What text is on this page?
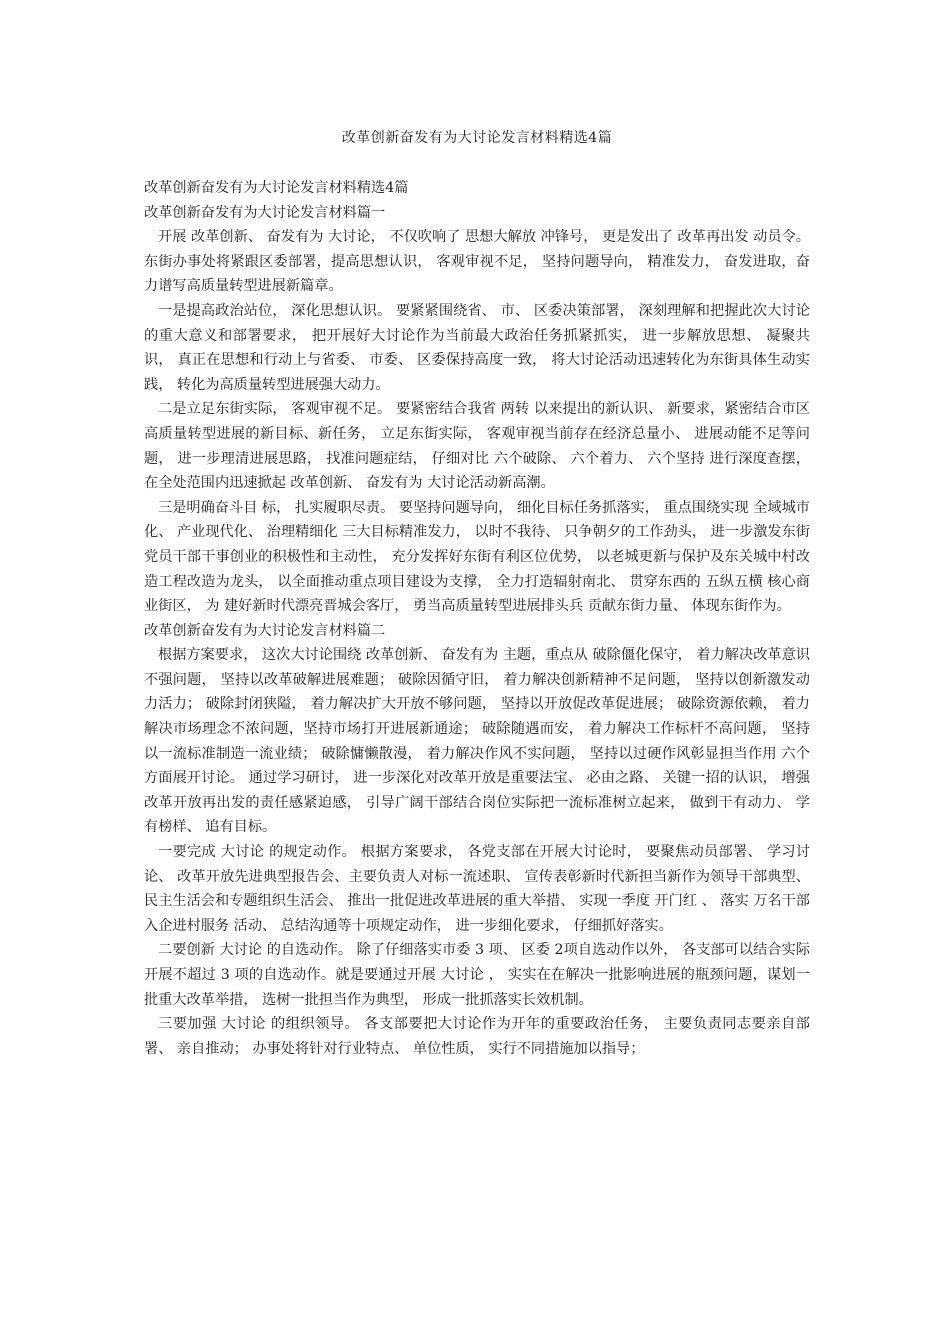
改革创新奋发有为大讨论发言材料精选4篇

改革创新奋发有为大讨论发言材料精选4篇

改革创新奋发有为大讨论发言材料篇一

开展 改革创新、 奋发有为 大讨论， 不仅吹响了 思想大解放 冲锋号， 更是发出了 改革再出发 动员令。 东街办事处将紧跟区委部署，提高思想认识， 客观审视不足， 坚持问题导向， 精准发力， 奋发进取，奋力谱写高质量转型进展新篇章。

一是提高政治站位， 深化思想认识。 要紧紧围绕省、 市、 区委决策部署， 深刻理解和把握此次大讨论的重大意义和部署要求， 把开展好大讨论作为当前最大政治任务抓紧抓实， 进一步解放思想、 凝聚共识， 真正在思想和行动上与省委、 市委、 区委保持高度一致， 将大讨论活动迅速转化为东街具体生动实践， 转化为高质量转型进展强大动力。

二是立足东街实际， 客观审视不足。 要紧密结合我省 两转 以来提出的新认识、 新要求，紧密结合市区高质量转型进展的新目标、新任务， 立足东街实际， 客观审视当前存在经济总量小、 进展动能不足等问题， 进一步理清进展思路， 找准问题症结， 仔细对比 六个破除、 六个着力、 六个坚持 进行深度查摆， 在全处范围内迅速掀起 改革创新、 奋发有为 大讨论活动新高潮。

三是明确奋斗目 标， 扎实履职尽责。 要坚持问题导向， 细化目标任务抓落实， 重点围绕实现 全域城市化、 产业现代化、 治理精细化 三大目标精准发力， 以时不我待、 只争朝夕的工作劲头， 进一步激发东街党员干部干事创业的积极性和主动性， 充分发挥好东街有利区位优势， 以老城更新与保护及东关城中村改造工程改造为龙头， 以全面推动重点项目建设为支撑， 全力打造辐射南北、 贯穿东西的 五纵五横 核心商业街区， 为 建好新时代漂亮晋城会客厅， 勇当高质量转型进展排头兵 贡献东街力量、 体现东街作为。

改革创新奋发有为大讨论发言材料篇二

根据方案要求， 这次大讨论围绕 改革创新、 奋发有为 主题，重点从 破除僵化保守， 着力解决改革意识不强问题， 坚持以改革破解进展难题； 破除因循守旧， 着力解决创新精神不足问题， 坚持以创新激发动力活力； 破除封闭狭隘， 着力解决扩大开放不够问题， 坚持以开放促改革促进展； 破除资源依赖， 着力解决市场理念不浓问题，坚持市场打开进展新通途； 破除随遇而安， 着力解决工作标杆不高问题， 坚持以一流标准制造一流业绩； 破除慵懒散漫， 着力解决作风不实问题， 坚持以过硬作风彰显担当作用 六个方面展开讨论。 通过学习研讨， 进一步深化对改革开放是重要法宝、 必由之路、 关键一招的认识， 增强改革开放再出发的责任感紧迫感， 引导广阔干部结合岗位实际把一流标准树立起来， 做到干有动力、 学有榜样、 追有目标。

一要完成 大讨论 的规定动作。 根据方案要求， 各党支部在开展大讨论时， 要聚焦动员部署、 学习讨论、 改革开放先进典型报告会、主要负责人对标一流述职、 宣传表彰新时代新担当新作为领导干部典型、 民主生活会和专题组织生活会、 推出一批促进改革进展的重大举措、 实现一季度 开门红 、 落实 万名干部入企进村服务 活动、 总结沟通等十项规定动作， 进一步细化要求， 仔细抓好落实。

二要创新 大讨论 的自选动作。 除了仔细落实市委 3 项、 区委 2项自选动作以外， 各支部可以结合实际开展不超过 3 项的自选动作。就是要通过开展 大讨论 ， 实实在在解决一批影响进展的瓶颈问题，谋划一批重大改革举措， 选树一批担当作为典型， 形成一批抓落实长效机制。

三要加强 大讨论 的组织领导。 各支部要把大讨论作为开年的重要政治任务， 主要负责同志要亲自部署、 亲自推动； 办事处将针对行业特点、 单位性质， 实行不同措施加以指导；
